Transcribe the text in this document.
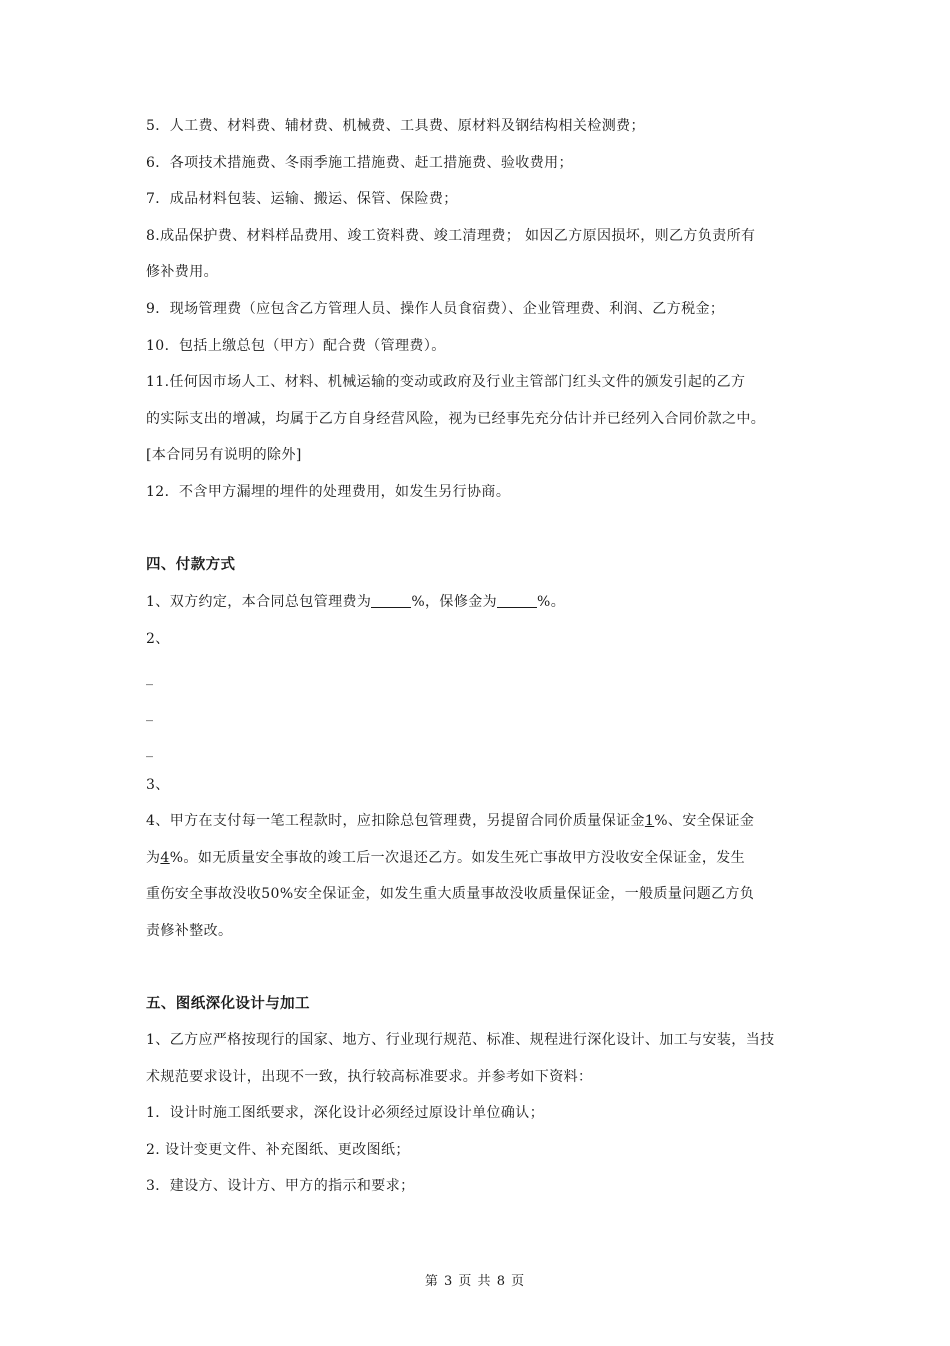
5．人工费、材料费、辅材费、机械费、工具费、原材料及钢结构相关检测费；
6．各项技术措施费、冬雨季施工措施费、赶工措施费、验收费用；
7．成品材料包装、运输、搬运、保管、保险费；
8.成品保护费、材料样品费用、竣工资料费、竣工清理费； 如因乙方原因损坏，则乙方负责所有
修补费用。
9．现场管理费（应包含乙方管理人员、操作人员食宿费）、企业管理费、利润、乙方税金；
10．包括上缴总包（甲方）配合费（管理费）。
11.任何因市场人工、材料、机械运输的变动或政府及行业主管部门红头文件的颁发引起的乙方
的实际支出的增减，均属于乙方自身经营风险，视为已经事先充分估计并已经列入合同价款之中。
[本合同另有说明的除外]
12．不含甲方漏埋的埋件的处理费用，如发生另行协商。
四、付款方式
1、双方约定，本合同总包管理费为	%，保修金为	%。
2、
_
_
_
3、
4、甲方在支付每一笔工程款时，应扣除总包管理费，另提留合同价质量保证金1%、安全保证金
为4%。如无质量安全事故的竣工后一次退还乙方。如发生死亡事故甲方没收安全保证金，发生
重伤安全事故没收50%安全保证金，如发生重大质量事故没收质量保证金，一般质量问题乙方负
责修补整改。
五、图纸深化设计与加工
1、乙方应严格按现行的国家、地方、行业现行规范、标准、规程进行深化设计、加工与安装，当技
术规范要求设计，出现不一致，执行较高标准要求。并参考如下资料：
1．设计时施工图纸要求，深化设计必须经过原设计单位确认；
2. 设计变更文件、补充图纸、更改图纸；
3．建设方、设计方、甲方的指示和要求；
第 3 页 共 8 页
